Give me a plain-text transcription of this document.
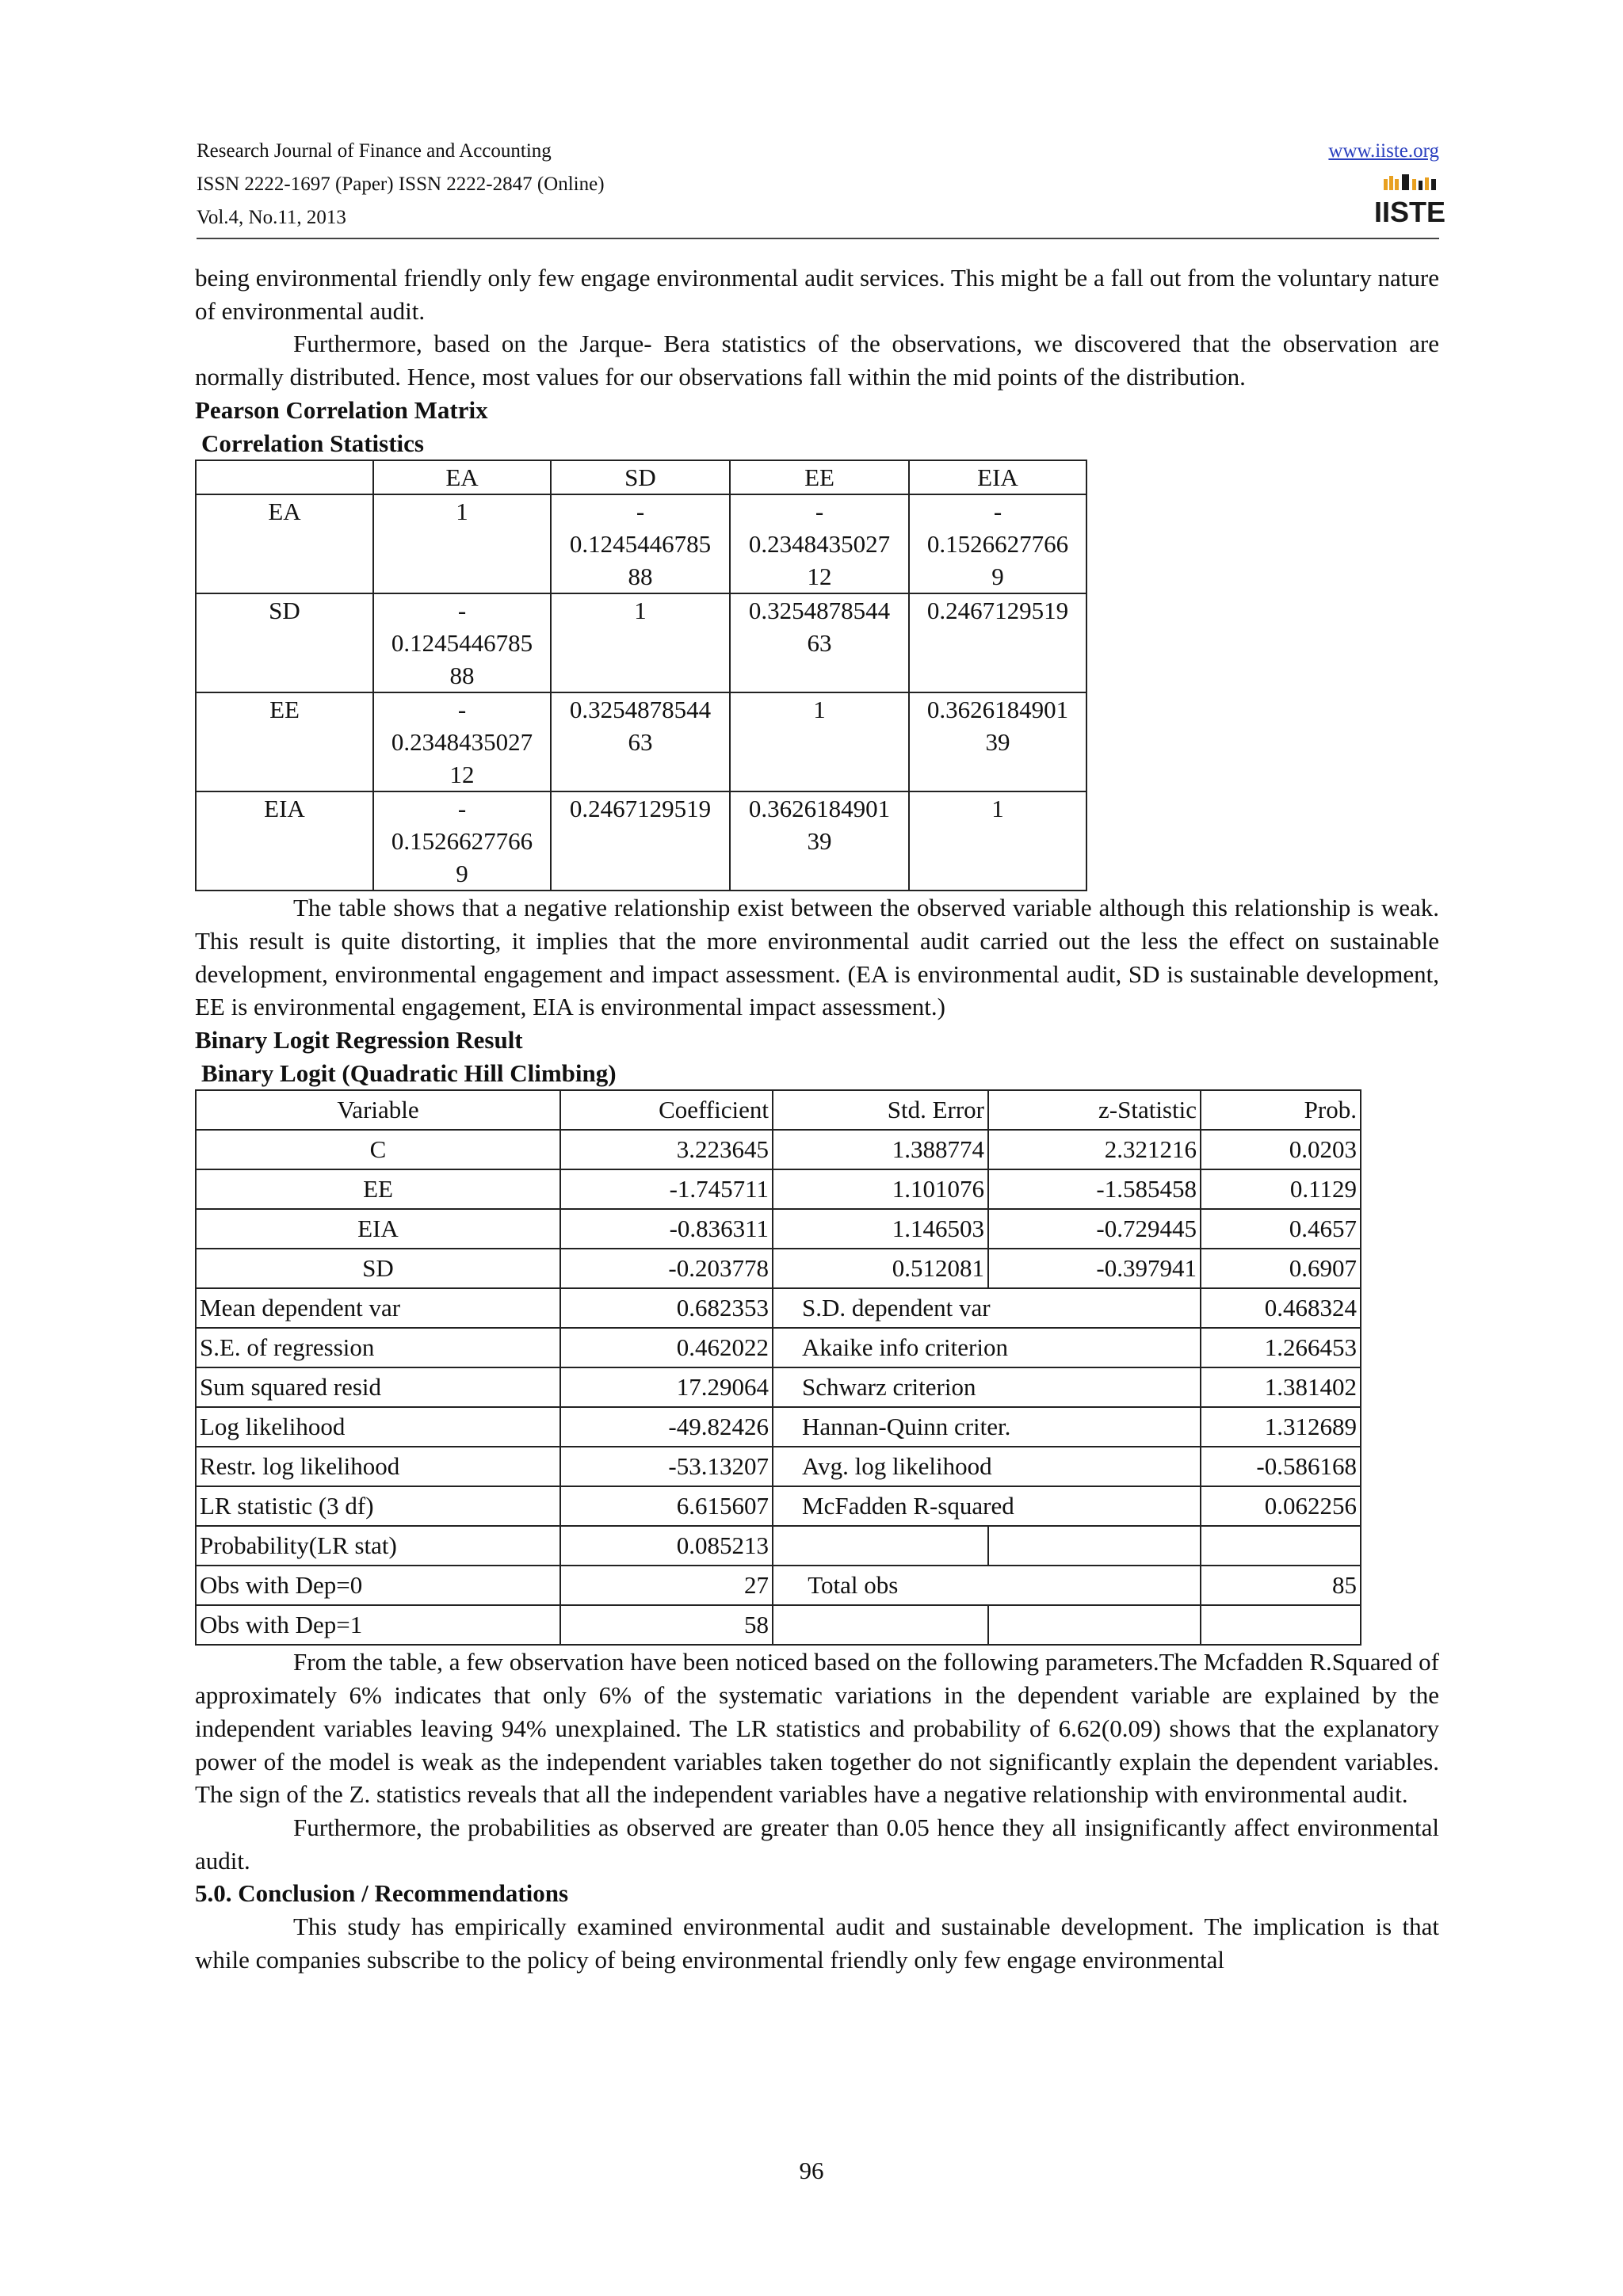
Research Journal of Finance and Accounting
ISSN 2222-1697 (Paper) ISSN 2222-2847 (Online)
Vol.4, No.11, 2013
www.iiste.org
IISTE

being environmental friendly only few engage environmental audit services. This might be a fall out from the voluntary nature of environmental audit.

Furthermore, based on the Jarque- Bera statistics of the observations, we discovered that the observation are normally distributed. Hence, most values for our observations fall within the mid points of the distribution.

Pearson Correlation Matrix
Correlation Statistics
	EA	SD	EE	EIA
EA	1	-
0.1245446785
88	-
0.2348435027
12	-
0.1526627766
9
SD	-
0.1245446785
88	1	0.3254878544
63	0.2467129519
EE	-
0.2348435027
12	0.3254878544
63	1	0.3626184901
39
EIA	-
0.1526627766
9	0.2467129519	0.3626184901
39	1

The table shows that a negative relationship exist between the observed variable although this relationship is weak. This result is quite distorting, it implies that the more environmental audit carried out the less the effect on sustainable development, environmental engagement and impact assessment. (EA is environmental audit, SD is sustainable development, EE is environmental engagement, EIA is environmental impact assessment.)

Binary Logit Regression Result
Binary Logit (Quadratic Hill Climbing)
Variable	Coefficient	Std. Error	z-Statistic	Prob.
C	3.223645	1.388774	2.321216	0.0203
EE	-1.745711	1.101076	-1.585458	0.1129
EIA	-0.836311	1.146503	-0.729445	0.4657
SD	-0.203778	0.512081	-0.397941	0.6907
Mean dependent var	0.682353	S.D. dependent var		0.468324
S.E. of regression	0.462022	Akaike info criterion		1.266453
Sum squared resid	17.29064	Schwarz criterion		1.381402
Log likelihood	-49.82426	Hannan-Quinn criter.		1.312689
Restr. log likelihood	-53.13207	Avg. log likelihood		-0.586168
LR statistic (3 df)	6.615607	McFadden R-squared		0.062256
Probability(LR stat)	0.085213			
Obs with Dep=0	27	Total obs		85
Obs with Dep=1	58			

From the table, a few observation have been noticed based on the following parameters.The Mcfadden R.Squared of approximately 6% indicates that only 6% of the systematic variations in the dependent variable are explained by the independent variables leaving 94% unexplained. The LR statistics and probability of 6.62(0.09) shows that the explanatory power of the model is weak as the independent variables taken together do not significantly explain the dependent variables. The sign of the Z. statistics reveals that all the independent variables have a negative relationship with environmental audit.

Furthermore, the probabilities as observed are greater than 0.05 hence they all insignificantly affect environmental audit.

5.0. Conclusion / Recommendations

This study has empirically examined environmental audit and sustainable development. The implication is that while companies subscribe to the policy of being environmental friendly only few engage environmental

96
